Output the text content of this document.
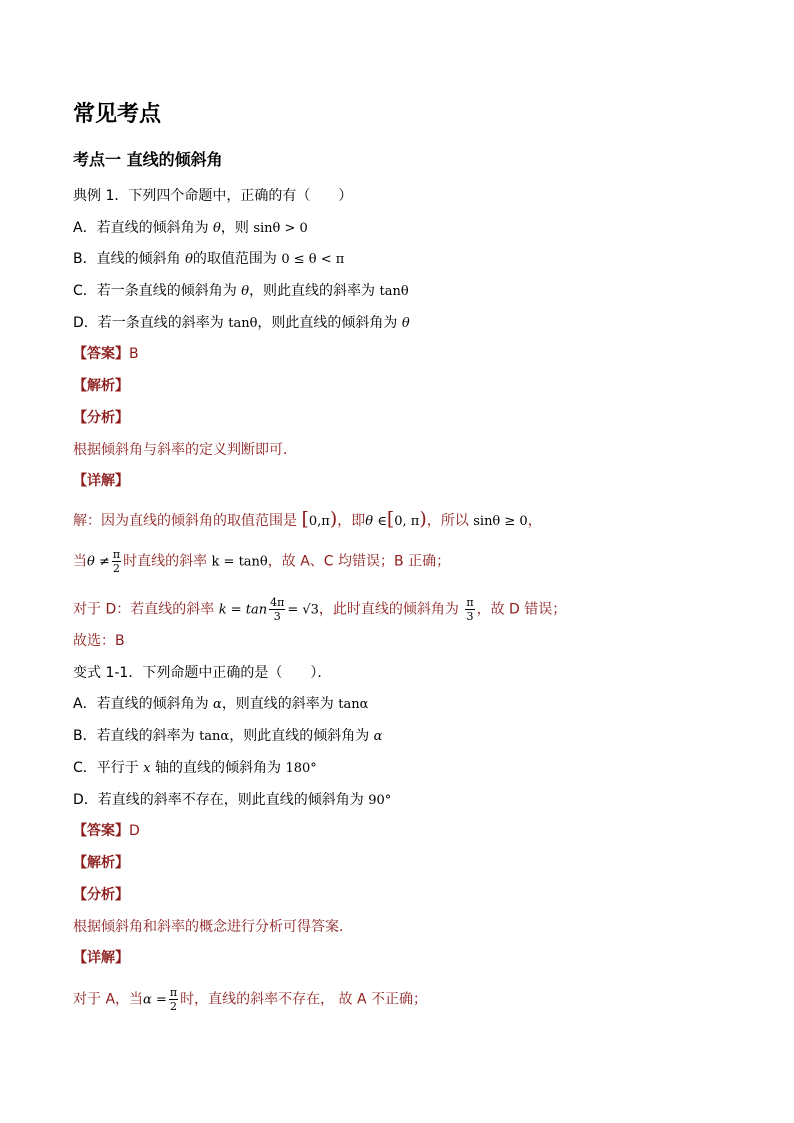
常见考点
考点一 直线的倾斜角
典例 1．下列四个命题中，正确的有（　　）
A．若直线的倾斜角为 θ，则 sinθ > 0
B．直线的倾斜角 θ的取值范围为 0 ≤ θ < π
C．若一条直线的倾斜角为 θ，则此直线的斜率为 tanθ
D．若一条直线的斜率为 tanθ，则此直线的倾斜角为 θ
【答案】B
【解析】
【分析】
根据倾斜角与斜率的定义判断即可．
【详解】
解：因为直线的倾斜角的取值范围是 [0,π)，即θ ∈[0, π)，所以 sinθ ≥ 0，
当$\theta \ne \frac{\pi}{2}$ 时直线的斜率 k = tanθ，故 A、C 均错误；B 正确；
对于 D：若直线的斜率 $k = \tan \frac{4\pi}{3} = √3$，此时直线的倾斜角为 $\frac{\pi}{3}$ ，故 D 错误；
故选：B
变式 1-1．下列命题中正确的是（　　）．
A．若直线的倾斜角为 α，则直线的斜率为 tanα
B．若直线的斜率为 tanα，则此直线的倾斜角为 α
C．平行于 x 轴的直线的倾斜角为 180°
D．若直线的斜率不存在，则此直线的倾斜角为 90°
【答案】D
【解析】
【分析】
根据倾斜角和斜率的概念进行分析可得答案．
【详解】
对于 A，当$\alpha = \frac{\pi}{2}$ 时，直线的斜率不存在， 故 A 不正确；
